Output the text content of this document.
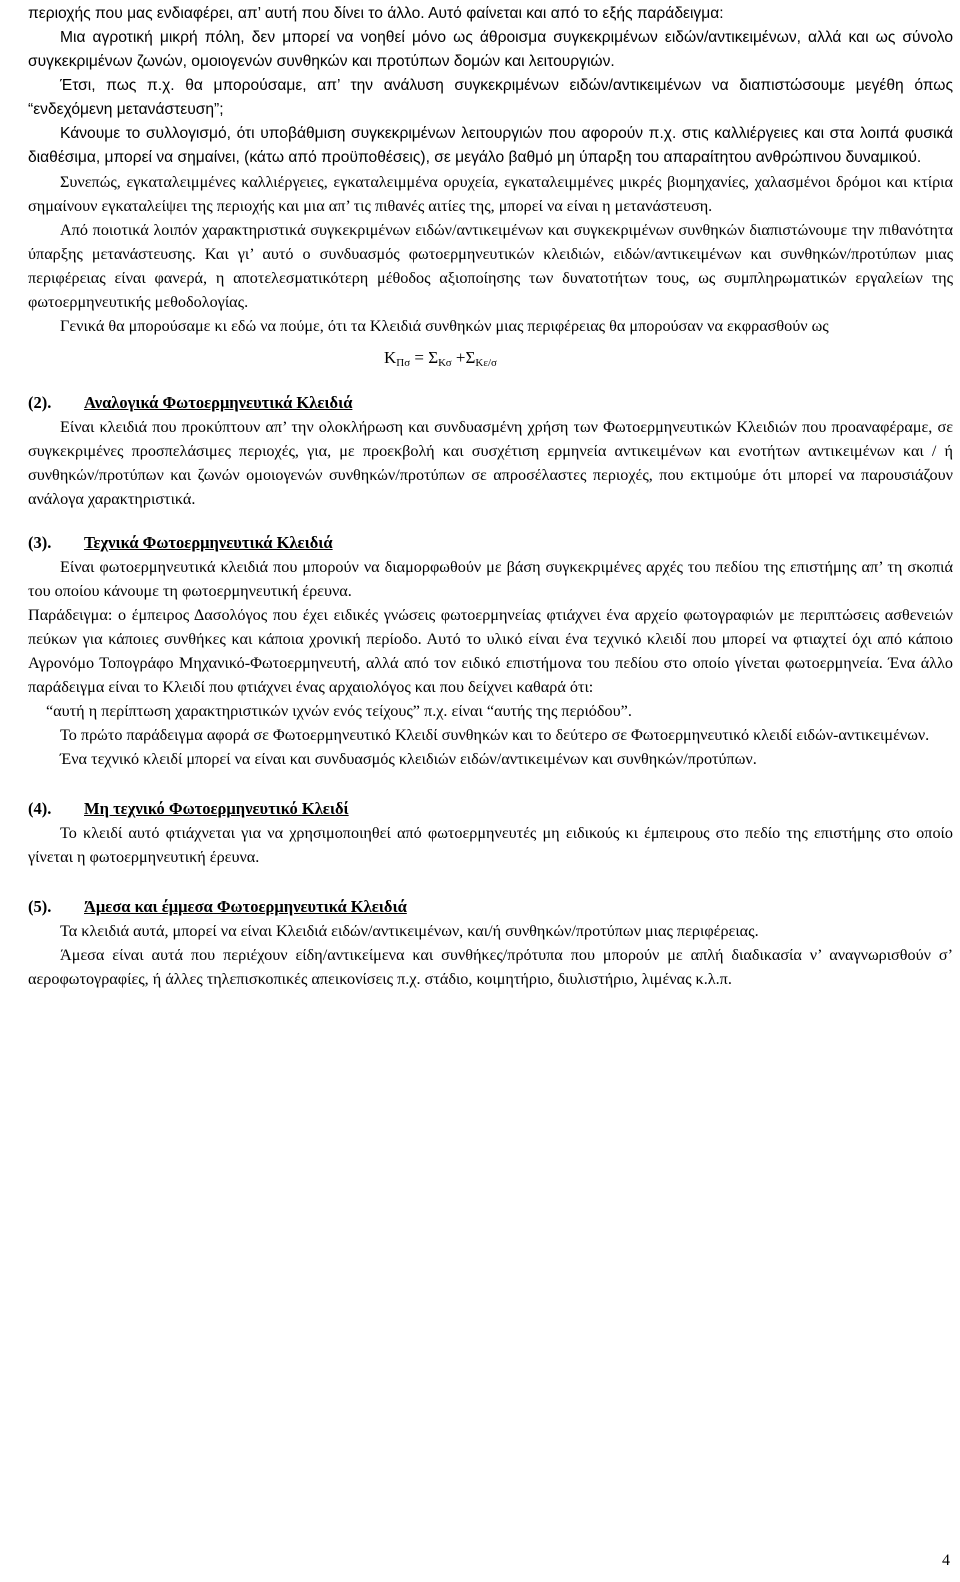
περιοχής που μας ενδιαφέρει, απ’ αυτή που δίνει το άλλο. Αυτό φαίνεται και από το εξής παράδειγμα:

Μια αγροτική μικρή πόλη, δεν μπορεί να νοηθεί μόνο ως άθροισμα συγκεκριμένων ειδών/αντικειμένων, αλλά και ως σύνολο συγκεκριμένων ζωνών, ομοιογενών συνθηκών και προτύπων δομών και λειτουργιών.

Έτσι, πως π.χ. θα μπορούσαμε, απ’ την ανάλυση συγκεκριμένων ειδών/αντικειμένων να διαπιστώσουμε μεγέθη όπως “ενδεχόμενη μετανάστευση”;

Κάνουμε το συλλογισμό, ότι υποβάθμιση συγκεκριμένων λειτουργιών που αφορούν π.χ. στις καλλιέργειες και στα λοιπά φυσικά διαθέσιμα, μπορεί να σημαίνει, (κάτω από προϋποθέσεις), σε μεγάλο βαθμό μη ύπαρξη του απαραίτητου ανθρώπινου δυναμικού.

Συνεπώς, εγκαταλειμμένες καλλιέργειες, εγκαταλειμμένα ορυχεία, εγκαταλειμμένες μικρές βιομηχανίες, χαλασμένοι δρόμοι και κτίρια σημαίνουν εγκαταλείψει της περιοχής και μια απ’ τις πιθανές αιτίες της, μπορεί να είναι η μετανάστευση.

Από ποιοτικά λοιπόν χαρακτηριστικά συγκεκριμένων ειδών/αντικειμένων και συγκεκριμένων συνθηκών διαπιστώνουμε την πιθανότητα ύπαρξης μετανάστευσης. Και γι’ αυτό ο συνδυασμός φωτοερμηνευτικών κλειδιών, ειδών/αντικειμένων και συνθηκών/προτύπων μιας περιφέρειας είναι φανερά, η αποτελεσματικότερη μέθοδος αξιοποίησης των δυνατοτήτων τους, ως συμπληρωματικών εργαλείων της φωτοερμηνευτικής μεθοδολογίας.

Γενικά θα μπορούσαμε κι εδώ να πούμε, ότι τα Κλειδιά συνθηκών μιας περιφέρειας θα μπορούσαν να εκφρασθούν ως

$K_{\Pi\sigma} = \Sigma_{K\sigma} +\Sigma_{K\varepsilon/\sigma}$
(2). Αναλογικά Φωτοερμηνευτικά Κλειδιά

Είναι κλειδιά που προκύπτουν απ’ την ολοκλήρωση και συνδυασμένη χρήση των Φωτοερμηνευτικών Κλειδιών που προαναφέραμε, σε συγκεκριμένες προσπελάσιμες περιοχές, για, με προεκβολή και συσχέτιση ερμηνεία αντικειμένων και ενοτήτων αντικειμένων και / ή συνθηκών/προτύπων και ζωνών ομοιογενών συνθηκών/προτύπων σε απροσέλαστες περιοχές, που εκτιμούμε ότι μπορεί να παρουσιάζουν ανάλογα χαρακτηριστικά.

(3). Τεχνικά Φωτοερμηνευτικά Κλειδιά

Είναι φωτοερμηνευτικά κλειδιά που μπορούν να διαμορφωθούν με βάση συγκεκριμένες αρχές του πεδίου της επιστήμης απ’ τη σκοπιά του οποίου κάνουμε τη φωτοερμηνευτική έρευνα.

Παράδειγμα: ο έμπειρος Δασολόγος που έχει ειδικές γνώσεις φωτοερμηνείας φτιάχνει ένα αρχείο φωτογραφιών με περιπτώσεις ασθενειών πεύκων για κάποιες συνθήκες και κάποια χρονική περίοδο. Αυτό το υλικό είναι ένα τεχνικό κλειδί που μπορεί να φτιαχτεί όχι από κάποιο Αγρονόμο Τοπογράφο Μηχανικό-Φωτοερμηνευτή, αλλά από τον ειδικό επιστήμονα του πεδίου στο οποίο γίνεται φωτοερμηνεία. Ένα άλλο παράδειγμα είναι το Κλειδί που φτιάχνει ένας αρχαιολόγος και που δείχνει καθαρά ότι:

“αυτή η περίπτωση χαρακτηριστικών ιχνών ενός τείχους” π.χ. είναι “αυτής της περιόδου”.

Το πρώτο παράδειγμα αφορά σε Φωτοερμηνευτικό Κλειδί συνθηκών και το δεύτερο σε Φωτοερμηνευτικό κλειδί ειδών-αντικειμένων.

Ένα τεχνικό κλειδί μπορεί να είναι και συνδυασμός κλειδιών ειδών/αντικειμένων και συνθηκών/προτύπων.

(4). Μη τεχνικό Φωτοερμηνευτικό Κλειδί

Το κλειδί αυτό φτιάχνεται για να χρησιμοποιηθεί από φωτοερμηνευτές μη ειδικούς κι έμπειρους στο πεδίο της επιστήμης στο οποίο γίνεται η φωτοερμηνευτική έρευνα.

(5). Άμεσα και έμμεσα Φωτοερμηνευτικά Κλειδιά

Τα κλειδιά αυτά, μπορεί να είναι Κλειδιά ειδών/αντικειμένων, και/ή συνθηκών/προτύπων μιας περιφέρειας.

Άμεσα είναι αυτά που περιέχουν είδη/αντικείμενα και συνθήκες/πρότυπα που μπορούν με απλή διαδικασία ν’ αναγνωρισθούν σ’ αεροφωτογραφίες, ή άλλες τηλεπισκοπικές απεικονίσεις π.χ. στάδιο, κοιμητήριο, διυλιστήριο, λιμένας κ.λ.π.

4
